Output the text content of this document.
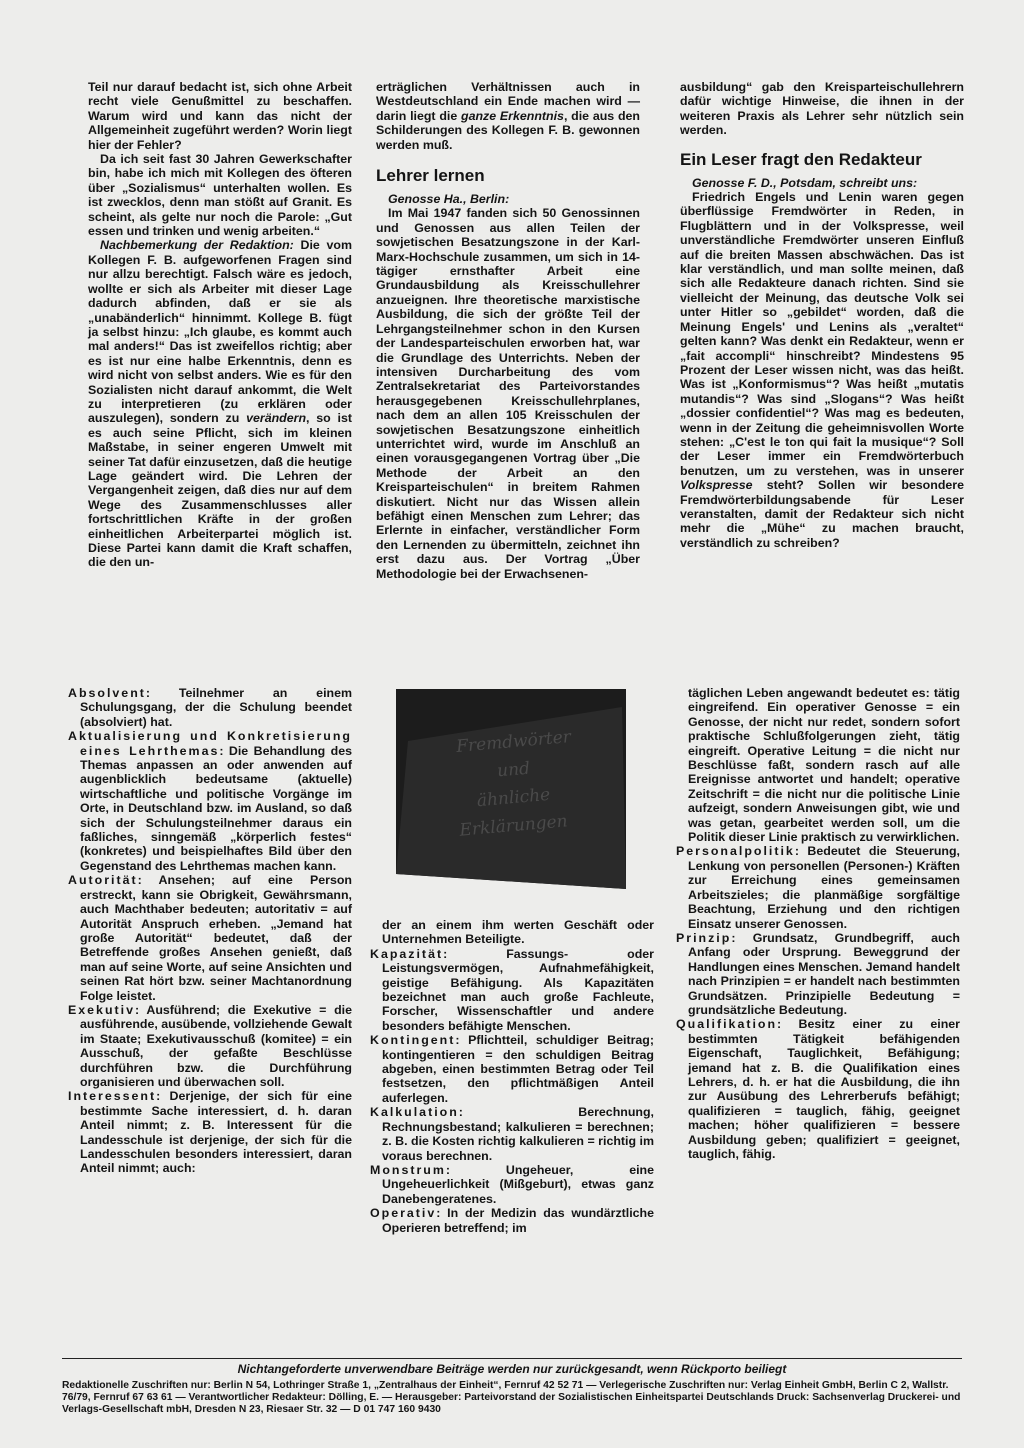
Teil nur darauf bedacht ist, sich ohne Arbeit recht viele Genußmittel zu beschaffen. Warum wird und kann das nicht der Allgemeinheit zugeführt werden? Worin liegt hier der Fehler?

Da ich seit fast 30 Jahren Gewerkschafter bin, habe ich mich mit Kollegen des öfteren über „Sozialismus“ unterhalten wollen. Es ist zwecklos, denn man stößt auf Granit. Es scheint, als gelte nur noch die Parole: „Gut essen und trinken und wenig arbeiten.“

Nachbemerkung der Redaktion: Die vom Kollegen F. B. aufgeworfenen Fragen sind nur allzu berechtigt. Falsch wäre es jedoch, wollte er sich als Arbeiter mit dieser Lage dadurch abfinden, daß er sie als „unabänderlich“ hinnimmt. Kollege B. fügt ja selbst hinzu: „Ich glaube, es kommt auch mal anders!“ Das ist zweifellos richtig; aber es ist nur eine halbe Erkenntnis, denn es wird nicht von selbst anders. Wie es für den Sozialisten nicht darauf ankommt, die Welt zu interpretieren (zu erklären oder auszulegen), sondern zu verändern, so ist es auch seine Pflicht, sich im kleinen Maßstabe, in seiner engeren Umwelt mit seiner Tat dafür einzusetzen, daß die heutige Lage geändert wird. Die Lehren der Vergangenheit zeigen, daß dies nur auf dem Wege des Zusammenschlusses aller fortschrittlichen Kräfte in der großen einheitlichen Arbeiterpartei möglich ist. Diese Partei kann damit die Kraft schaffen, die den un-

erträglichen Verhältnissen auch in Westdeutschland ein Ende machen wird — darin liegt die ganze Erkenntnis, die aus den Schilderungen des Kollegen F. B. gewonnen werden muß.

Lehrer lernen

Genosse Ha., Berlin:

Im Mai 1947 fanden sich 50 Genossinnen und Genossen aus allen Teilen der sowjetischen Besatzungszone in der Karl-Marx-Hochschule zusammen, um sich in 14-tägiger ernsthafter Arbeit eine Grundausbildung als Kreisschullehrer anzueignen. Ihre theoretische marxistische Ausbildung, die sich der größte Teil der Lehrgangsteilnehmer schon in den Kursen der Landesparteischulen erworben hat, war die Grundlage des Unterrichts. Neben der intensiven Durcharbeitung des vom Zentralsekretariat des Parteivorstandes herausgegebenen Kreisschullehrplanes, nach dem an allen 105 Kreisschulen der sowjetischen Besatzungszone einheitlich unterrichtet wird, wurde im Anschluß an einen vorausgegangenen Vortrag über „Die Methode der Arbeit an den Kreisparteischulen“ in breitem Rahmen diskutiert. Nicht nur das Wissen allein befähigt einen Menschen zum Lehrer; das Erlernte in einfacher, verständlicher Form den Lernenden zu übermitteln, zeichnet ihn erst dazu aus. Der Vortrag „Über Methodologie bei der Erwachsenen-

ausbildung“ gab den Kreisparteischullehrern dafür wichtige Hinweise, die ihnen in der weiteren Praxis als Lehrer sehr nützlich sein werden.

Ein Leser fragt den Redakteur

Genosse F. D., Potsdam, schreibt uns:

Friedrich Engels und Lenin waren gegen überflüssige Fremdwörter in Reden, in Flugblättern und in der Volkspresse, weil unverständliche Fremdwörter unseren Einfluß auf die breiten Massen abschwächen. Das ist klar verständlich, und man sollte meinen, daß sich alle Redakteure danach richten. Sind sie vielleicht der Meinung, das deutsche Volk sei unter Hitler so „gebildet“ worden, daß die Meinung Engels' und Lenins als „veraltet“ gelten kann? Was denkt ein Redakteur, wenn er „fait accompli“ hinschreibt? Mindestens 95 Prozent der Leser wissen nicht, was das heißt. Was ist „Konformismus“? Was heißt „mutatis mutandis“? Was sind „Slogans“? Was heißt „dossier confidentiel“? Was mag es bedeuten, wenn in der Zeitung die geheimnisvollen Worte stehen: „C'est le ton qui fait la musique“? Soll der Leser immer ein Fremdwörterbuch benutzen, um zu verstehen, was in unserer Volkspresse steht? Sollen wir besondere Fremdwörterbildungsabende für Leser veranstalten, damit der Redakteur sich nicht mehr die „Mühe“ zu machen braucht, verständlich zu schreiben?

Fremdwörter
und
ähnliche
Erklärungen

Absolvent: Teilnehmer an einem Schulungsgang, der die Schulung beendet (absolviert) hat.

Aktualisierung und Konkretisierung eines Lehrthemas: Die Behandlung des Themas anpassen an oder anwenden auf augenblicklich bedeutsame (aktuelle) wirtschaftliche und politische Vorgänge im Orte, in Deutschland bzw. im Ausland, so daß sich der Schulungsteilnehmer daraus ein faßliches, sinngemäß „körperlich festes“ (konkretes) und beispielhaftes Bild über den Gegenstand des Lehrthemas machen kann.

Autorität: Ansehen; auf eine Person erstreckt, kann sie Obrigkeit, Gewährsmann, auch Machthaber bedeuten; autoritativ = auf Autorität Anspruch erheben. „Jemand hat große Autorität“ bedeutet, daß der Betreffende großes Ansehen genießt, daß man auf seine Worte, auf seine Ansichten und seinen Rat hört bzw. seiner Machtanordnung Folge leistet.

Exekutiv: Ausführend; die Exekutive = die ausführende, ausübende, vollziehende Gewalt im Staate; Exekutivausschuß (komitee) = ein Ausschuß, der gefaßte Beschlüsse durchführen bzw. die Durchführung organisieren und überwachen soll.

Interessent: Derjenige, der sich für eine bestimmte Sache interessiert, d. h. daran Anteil nimmt; z. B. Interessent für die Landesschule ist derjenige, der sich für die Landesschulen besonders interessiert, daran Anteil nimmt; auch:

der an einem ihm werten Geschäft oder Unternehmen Beteiligte.

Kapazität: Fassungs- oder Leistungsvermögen, Aufnahmefähigkeit, geistige Befähigung. Als Kapazitäten bezeichnet man auch große Fachleute, Forscher, Wissenschaftler und andere besonders befähigte Menschen.

Kontingent: Pflichtteil, schuldiger Beitrag; kontingentieren = den schuldigen Beitrag abgeben, einen bestimmten Betrag oder Teil festsetzen, den pflichtmäßigen Anteil auferlegen.

Kalkulation: Berechnung, Rechnungsbestand; kalkulieren = berechnen; z. B. die Kosten richtig kalkulieren = richtig im voraus berechnen.

Monstrum: Ungeheuer, eine Ungeheuerlichkeit (Mißgeburt), etwas ganz Danebengeratenes.

Operativ: In der Medizin das wundärztliche Operieren betreffend; im

täglichen Leben angewandt bedeutet es: tätig eingreifend. Ein operativer Genosse = ein Genosse, der nicht nur redet, sondern sofort praktische Schlußfolgerungen zieht, tätig eingreift. Operative Leitung = die nicht nur Beschlüsse faßt, sondern rasch auf alle Ereignisse antwortet und handelt; operative Zeitschrift = die nicht nur die politische Linie aufzeigt, sondern Anweisungen gibt, wie und was getan, gearbeitet werden soll, um die Politik dieser Linie praktisch zu verwirklichen.

Personalpolitik: Bedeutet die Steuerung, Lenkung von personellen (Personen-) Kräften zur Erreichung eines gemeinsamen Arbeitszieles; die planmäßige sorgfältige Beachtung, Erziehung und den richtigen Einsatz unserer Genossen.

Prinzip: Grundsatz, Grundbegriff, auch Anfang oder Ursprung. Beweggrund der Handlungen eines Menschen. Jemand handelt nach Prinzipien = er handelt nach bestimmten Grundsätzen. Prinzipielle Bedeutung = grundsätzliche Bedeutung.

Qualifikation: Besitz einer zu einer bestimmten Tätigkeit befähigenden Eigenschaft, Tauglichkeit, Befähigung; jemand hat z. B. die Qualifikation eines Lehrers, d. h. er hat die Ausbildung, die ihn zur Ausübung des Lehrerberufs befähigt; qualifizieren = tauglich, fähig, geeignet machen; höher qualifizieren = bessere Ausbildung geben; qualifiziert = geeignet, tauglich, fähig.

Nichtangeforderte unverwendbare Beiträge werden nur zurückgesandt, wenn Rückporto beiliegt
Redaktionelle Zuschriften nur: Berlin N 54, Lothringer Straße 1, „Zentralhaus der Einheit“, Fernruf 42 52 71 — Verlegerische Zuschriften nur: Verlag Einheit GmbH, Berlin C 2, Wallstr. 76/79, Fernruf 67 63 61 — Verantwortlicher Redakteur: Dölling, E. — Herausgeber: Parteivorstand der Sozialistischen Einheitspartei Deutschlands Druck: Sachsenverlag Druckerei- und Verlags-Gesellschaft mbH, Dresden N 23, Riesaer Str. 32 — D 01 747 160 9430
